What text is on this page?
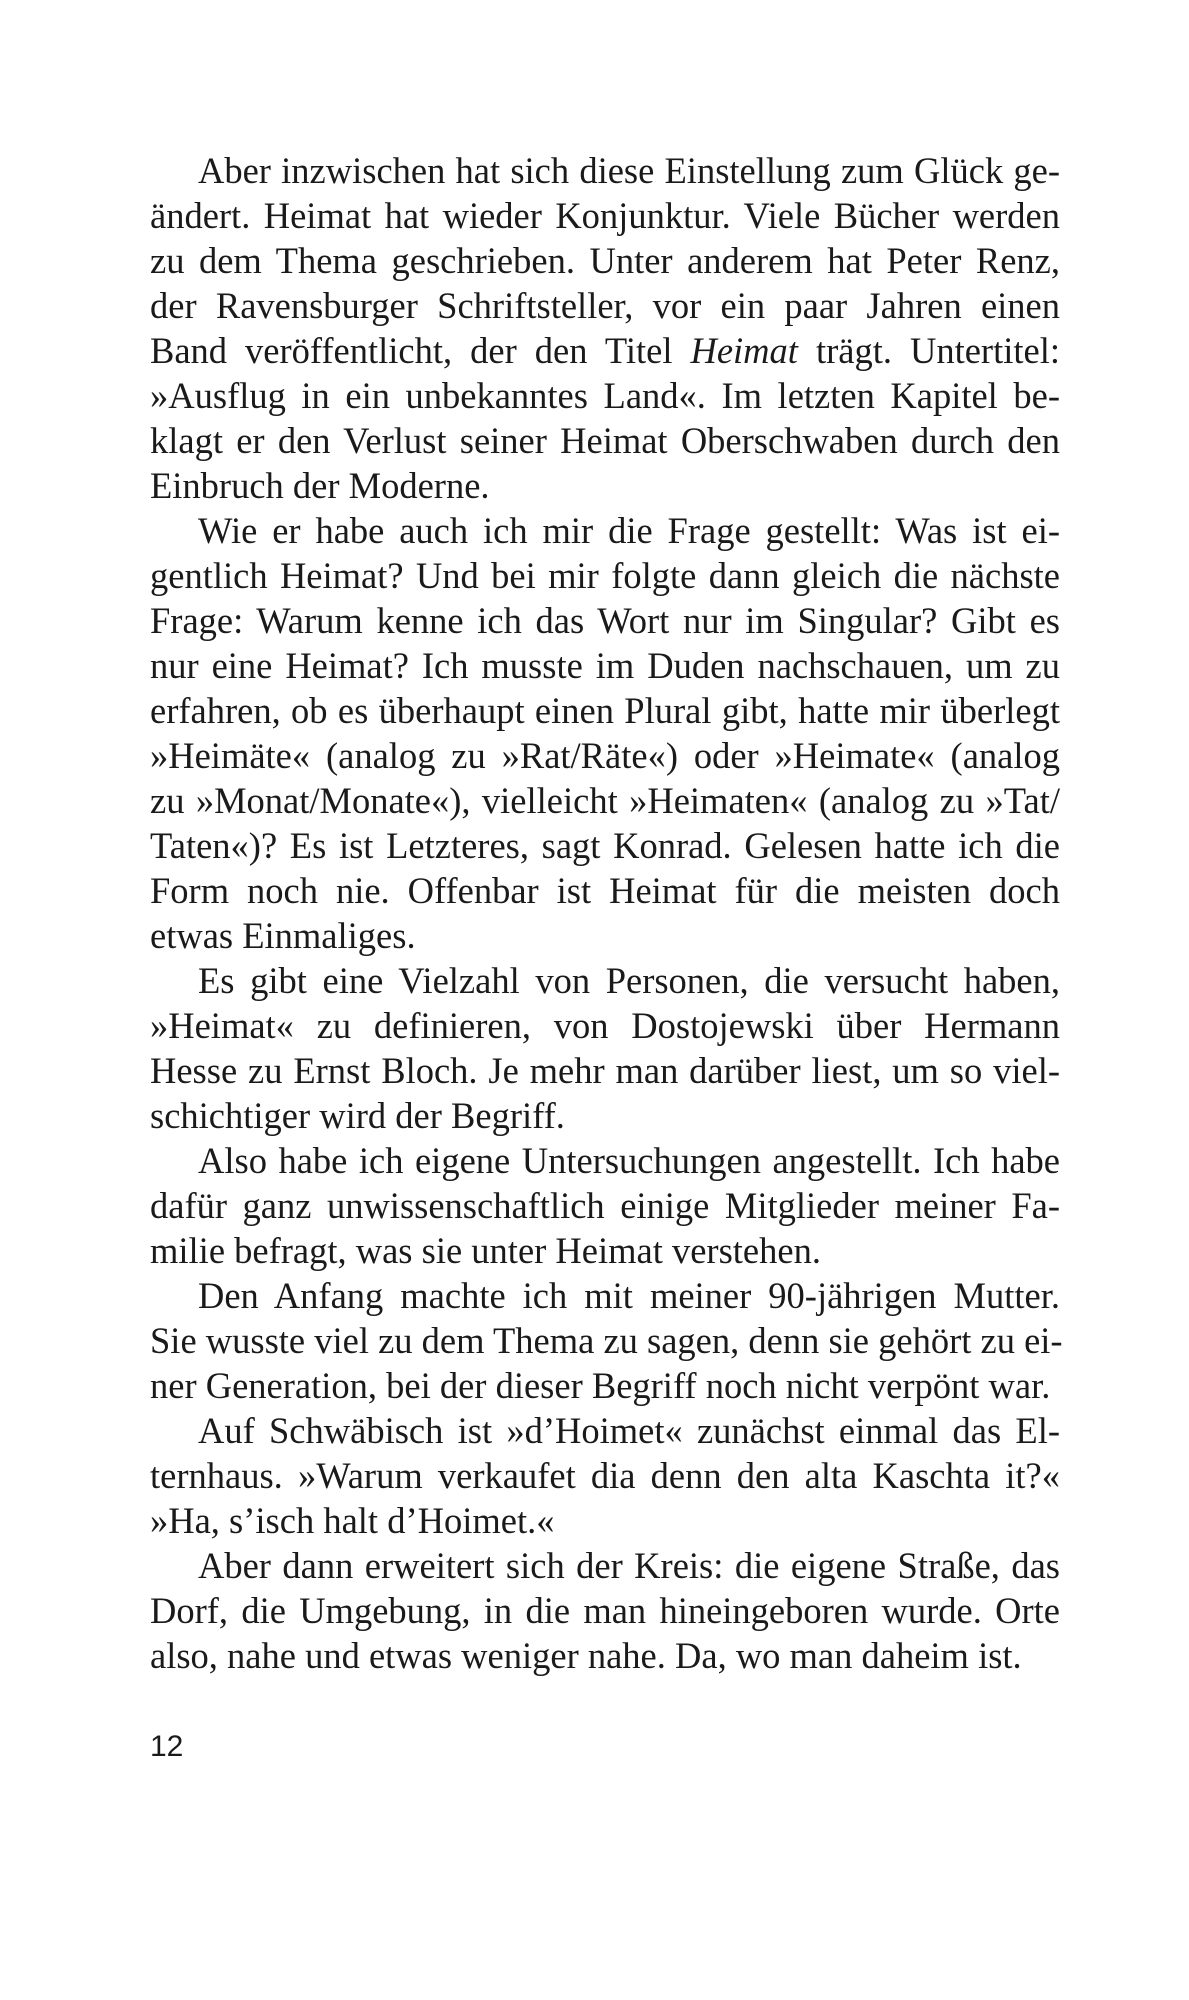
Aber inzwischen hat sich diese Einstellung zum Glück ge-
ändert. Heimat hat wieder Konjunktur. Viele Bücher werden
zu dem Thema geschrieben. Unter anderem hat Peter Renz,
der Ravensburger Schriftsteller, vor ein paar Jahren einen
Band veröffentlicht, der den Titel Heimat trägt. Untertitel:
»Ausflug in ein unbekanntes Land«. Im letzten Kapitel be-
klagt er den Verlust seiner Heimat Oberschwaben durch den
Einbruch der Moderne.
Wie er habe auch ich mir die Frage gestellt: Was ist ei-
gentlich Heimat? Und bei mir folgte dann gleich die nächste
Frage: Warum kenne ich das Wort nur im Singular? Gibt es
nur eine Heimat? Ich musste im Duden nachschauen, um zu
erfahren, ob es überhaupt einen Plural gibt, hatte mir überlegt
»Heimäte« (analog zu »Rat/Räte«) oder »Heimate« (analog
zu »Monat/Monate«), vielleicht »Heimaten« (analog zu »Tat/
Taten«)? Es ist Letzteres, sagt Konrad. Gelesen hatte ich die
Form noch nie. Offenbar ist Heimat für die meisten doch
etwas Einmaliges.
Es gibt eine Vielzahl von Personen, die versucht haben,
»Heimat« zu definieren, von Dostojewski über Hermann
Hesse zu Ernst Bloch. Je mehr man darüber liest, um so viel-
schichtiger wird der Begriff.
Also habe ich eigene Untersuchungen angestellt. Ich habe
dafür ganz unwissenschaftlich einige Mitglieder meiner Fa-
milie befragt, was sie unter Heimat verstehen.
Den Anfang machte ich mit meiner 90-jährigen Mutter.
Sie wusste viel zu dem Thema zu sagen, denn sie gehört zu ei-
ner Generation, bei der dieser Begriff noch nicht verpönt war.
Auf Schwäbisch ist »d’Hoimet« zunächst einmal das El-
ternhaus. »Warum verkaufet dia denn den alta Kaschta it?«
»Ha, s’isch halt d’Hoimet.«
Aber dann erweitert sich der Kreis: die eigene Straße, das
Dorf, die Umgebung, in die man hineingeboren wurde. Orte
also, nahe und etwas weniger nahe. Da, wo man daheim ist.
12
